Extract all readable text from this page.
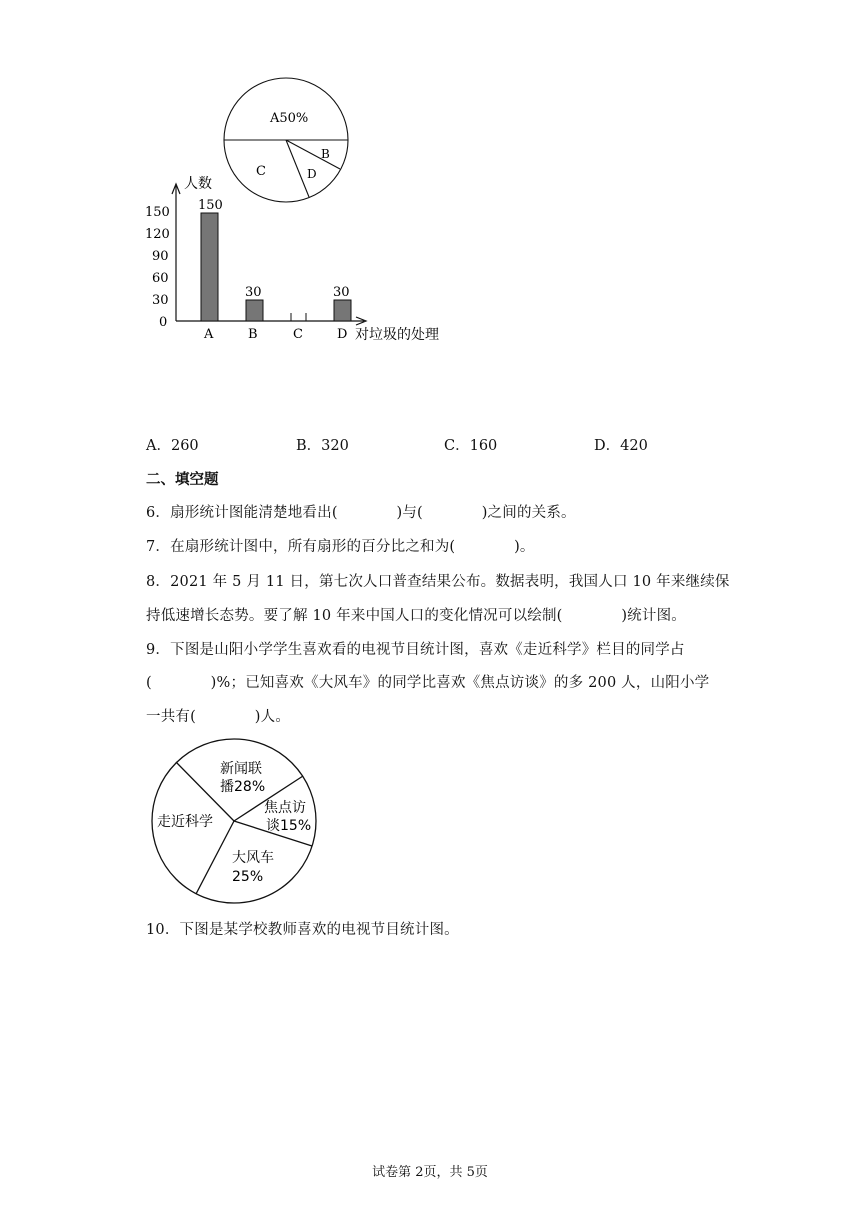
A50%
C	D
B
人数
150
120
90
60
30
0
150
30	30
A	B	C	D 对垃圾的处理
A．260	B．320	C．160	D．420
二、填空题
6．扇形统计图能清楚地看出(　　　　)与(　　　　)之间的关系。
7．在扇形统计图中，所有扇形的百分比之和为(　　　　)。
8．2021 年 5 月 11 日，第七次人口普查结果公布。数据表明，我国人口 10 年来继续保
持低速增长态势。要了解 10 年来中国人口的变化情况可以绘制(　　　　)统计图。
9．下图是山阳小学学生喜欢看的电视节目统计图，喜欢《走近科学》栏目的同学占
(　　　　)%；已知喜欢《大风车》的同学比喜欢《焦点访谈》的多 200 人，山阳小学
一共有(　　　　)人。
新闻联
播28%
焦点访
谈15%
大风车
25%
走近科学
10．下图是某学校教师喜欢的电视节目统计图。
试卷第 2页，共 5页
